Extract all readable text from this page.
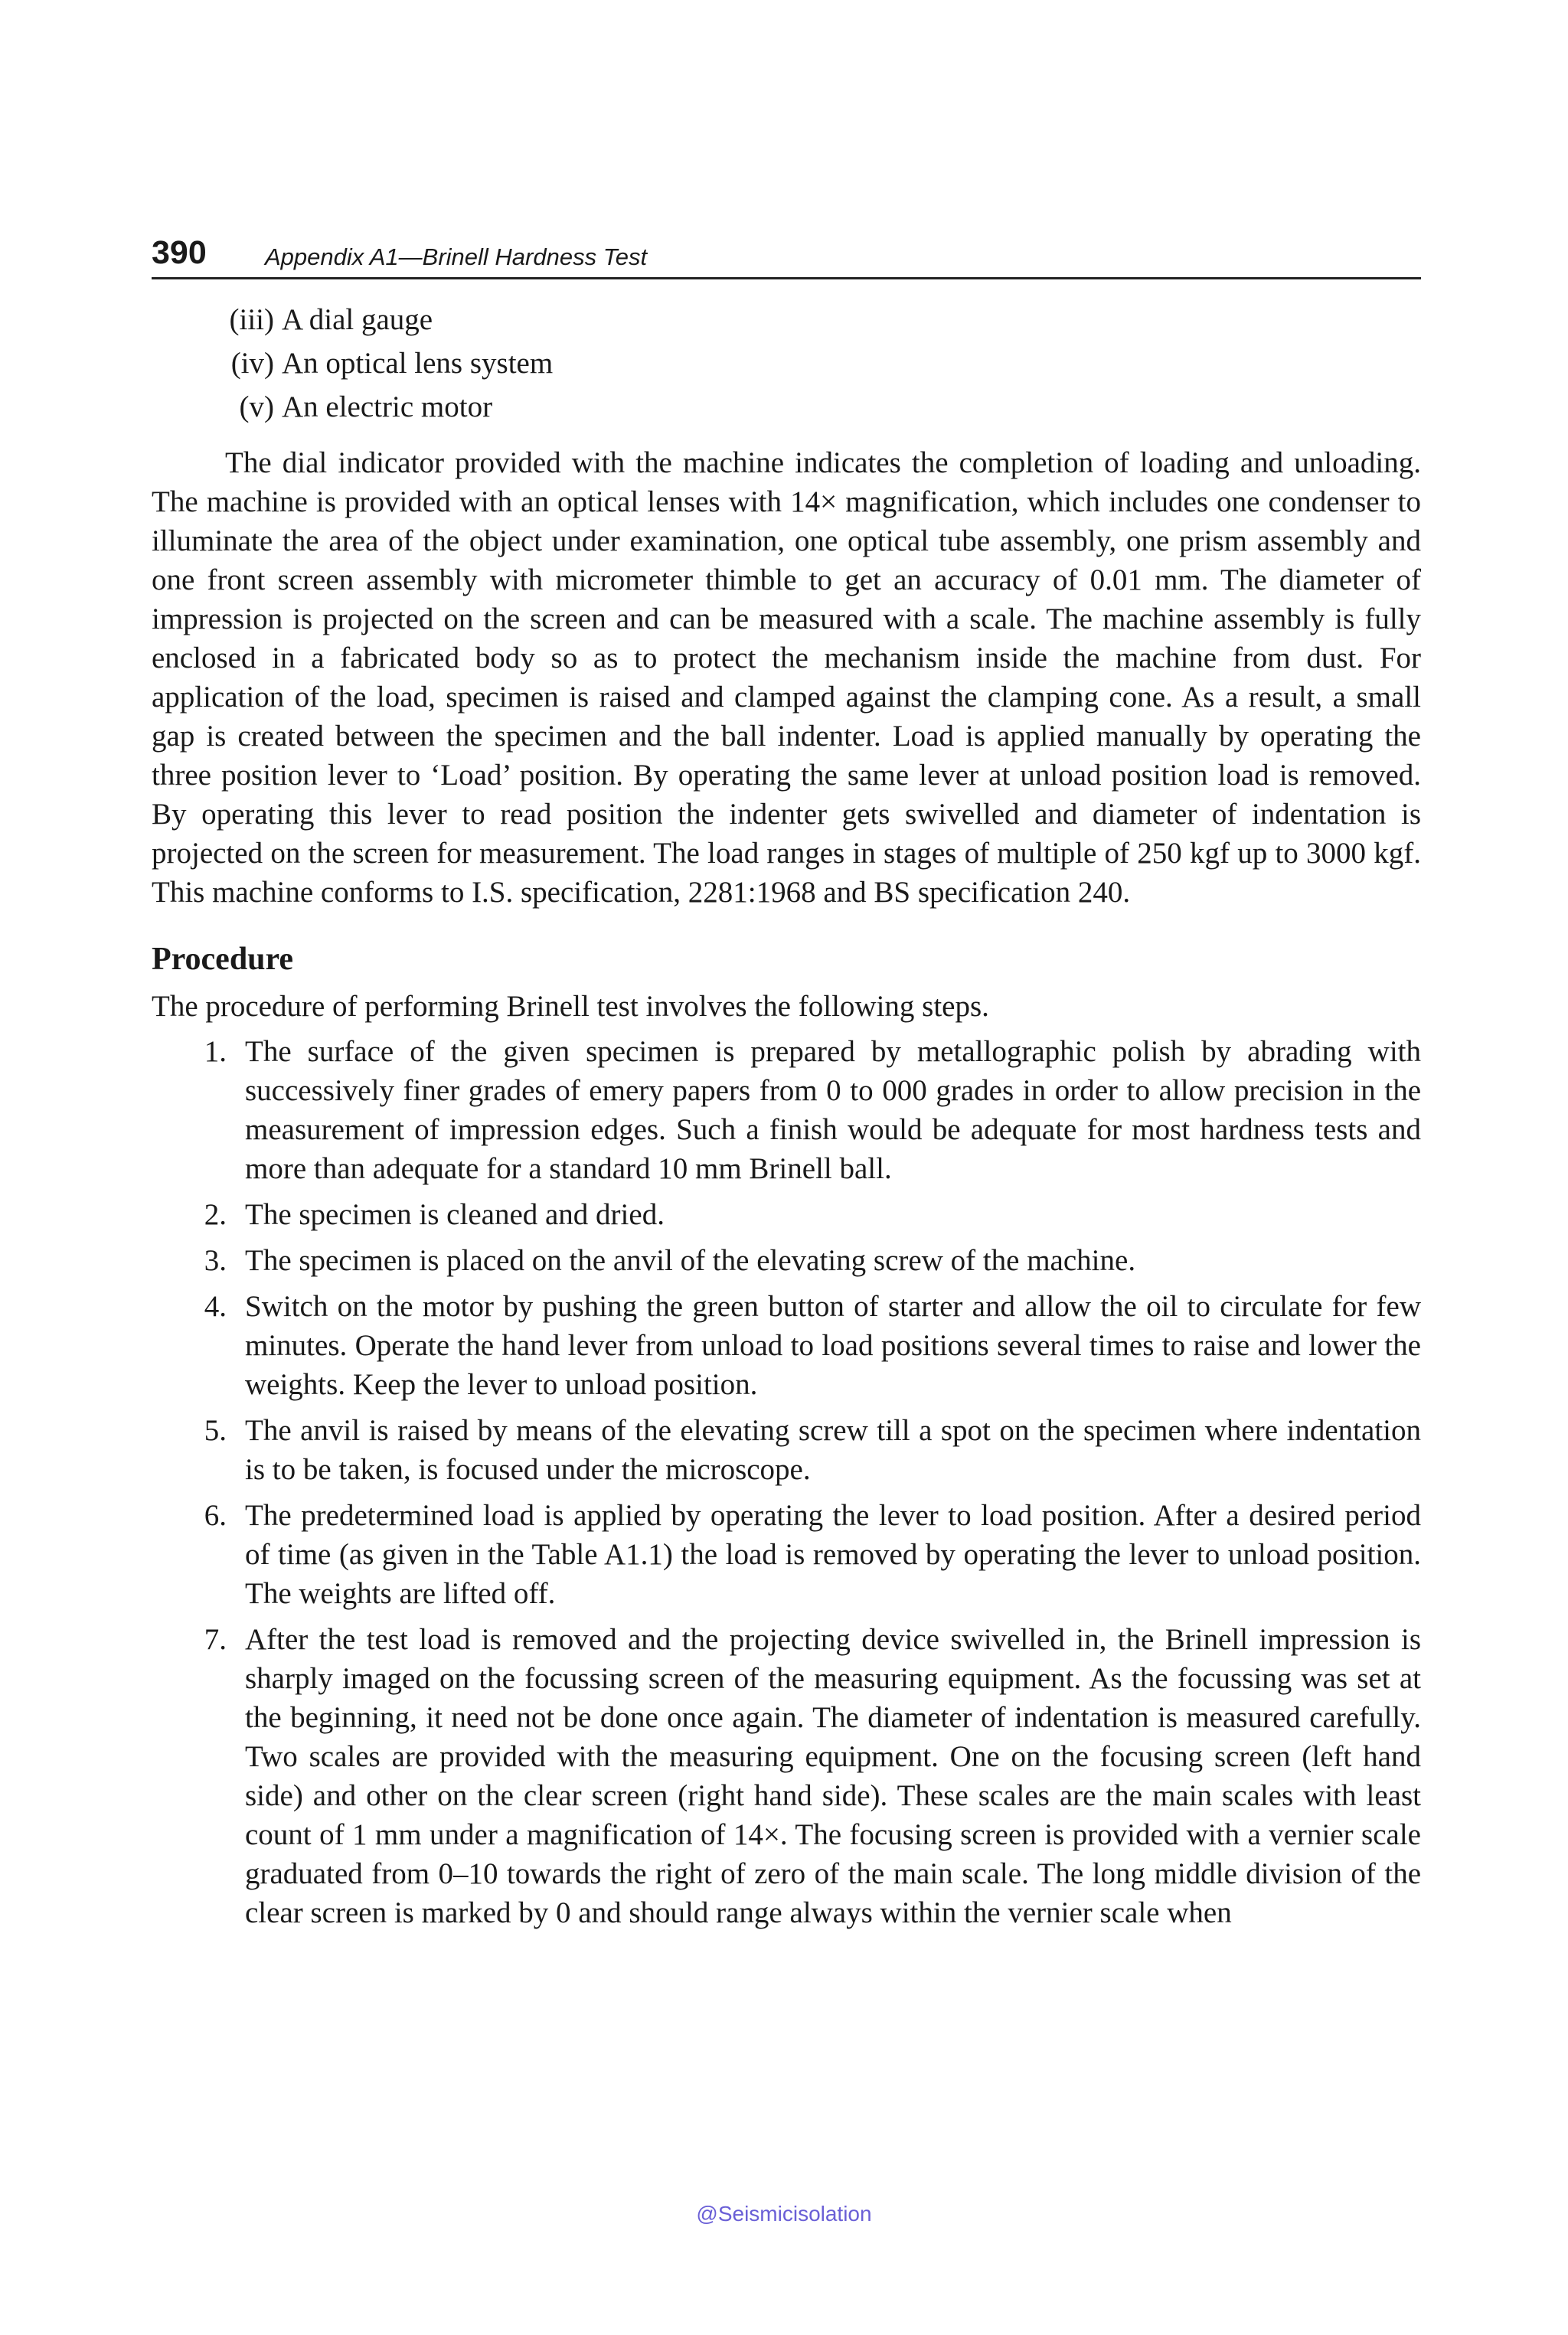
390 Appendix A1—Brinell Hardness Test
(iii) A dial gauge
(iv) An optical lens system
(v) An electric motor

The dial indicator provided with the machine indicates the completion of loading and unloading. The machine is provided with an optical lenses with 14× magnification, which includes one condenser to illuminate the area of the object under examination, one optical tube assembly, one prism assembly and one front screen assembly with micrometer thimble to get an accuracy of 0.01 mm. The diameter of impression is projected on the screen and can be measured with a scale. The machine assembly is fully enclosed in a fabricated body so as to protect the mechanism inside the machine from dust. For application of the load, specimen is raised and clamped against the clamping cone. As a result, a small gap is created between the specimen and the ball indenter. Load is applied manually by operating the three position lever to ‘Load’ position. By operating the same lever at unload position load is removed. By operating this lever to read position the indenter gets swivelled and diameter of indentation is projected on the screen for measurement. The load ranges in stages of multiple of 250 kgf up to 3000 kgf. This machine conforms to I.S. specification, 2281:1968 and BS specification 240.

Procedure
The procedure of performing Brinell test involves the following steps.
1. The surface of the given specimen is prepared by metallographic polish by abrading with successively finer grades of emery papers from 0 to 000 grades in order to allow precision in the measurement of impression edges. Such a finish would be adequate for most hardness tests and more than adequate for a standard 10 mm Brinell ball.
2. The specimen is cleaned and dried.
3. The specimen is placed on the anvil of the elevating screw of the machine.
4. Switch on the motor by pushing the green button of starter and allow the oil to circulate for few minutes. Operate the hand lever from unload to load positions several times to raise and lower the weights. Keep the lever to unload position.
5. The anvil is raised by means of the elevating screw till a spot on the specimen where indentation is to be taken, is focused under the microscope.
6. The predetermined load is applied by operating the lever to load position. After a desired period of time (as given in the Table A1.1) the load is removed by operating the lever to unload position. The weights are lifted off.
7. After the test load is removed and the projecting device swivelled in, the Brinell impression is sharply imaged on the focussing screen of the measuring equipment. As the focussing was set at the beginning, it need not be done once again. The diameter of indentation is measured carefully. Two scales are provided with the measuring equipment. One on the focusing screen (left hand side) and other on the clear screen (right hand side). These scales are the main scales with least count of 1 mm under a magnification of 14×. The focusing screen is provided with a vernier scale graduated from 0–10 towards the right of zero of the main scale. The long middle division of the clear screen is marked by 0 and should range always within the vernier scale when
@Seismicisolation
